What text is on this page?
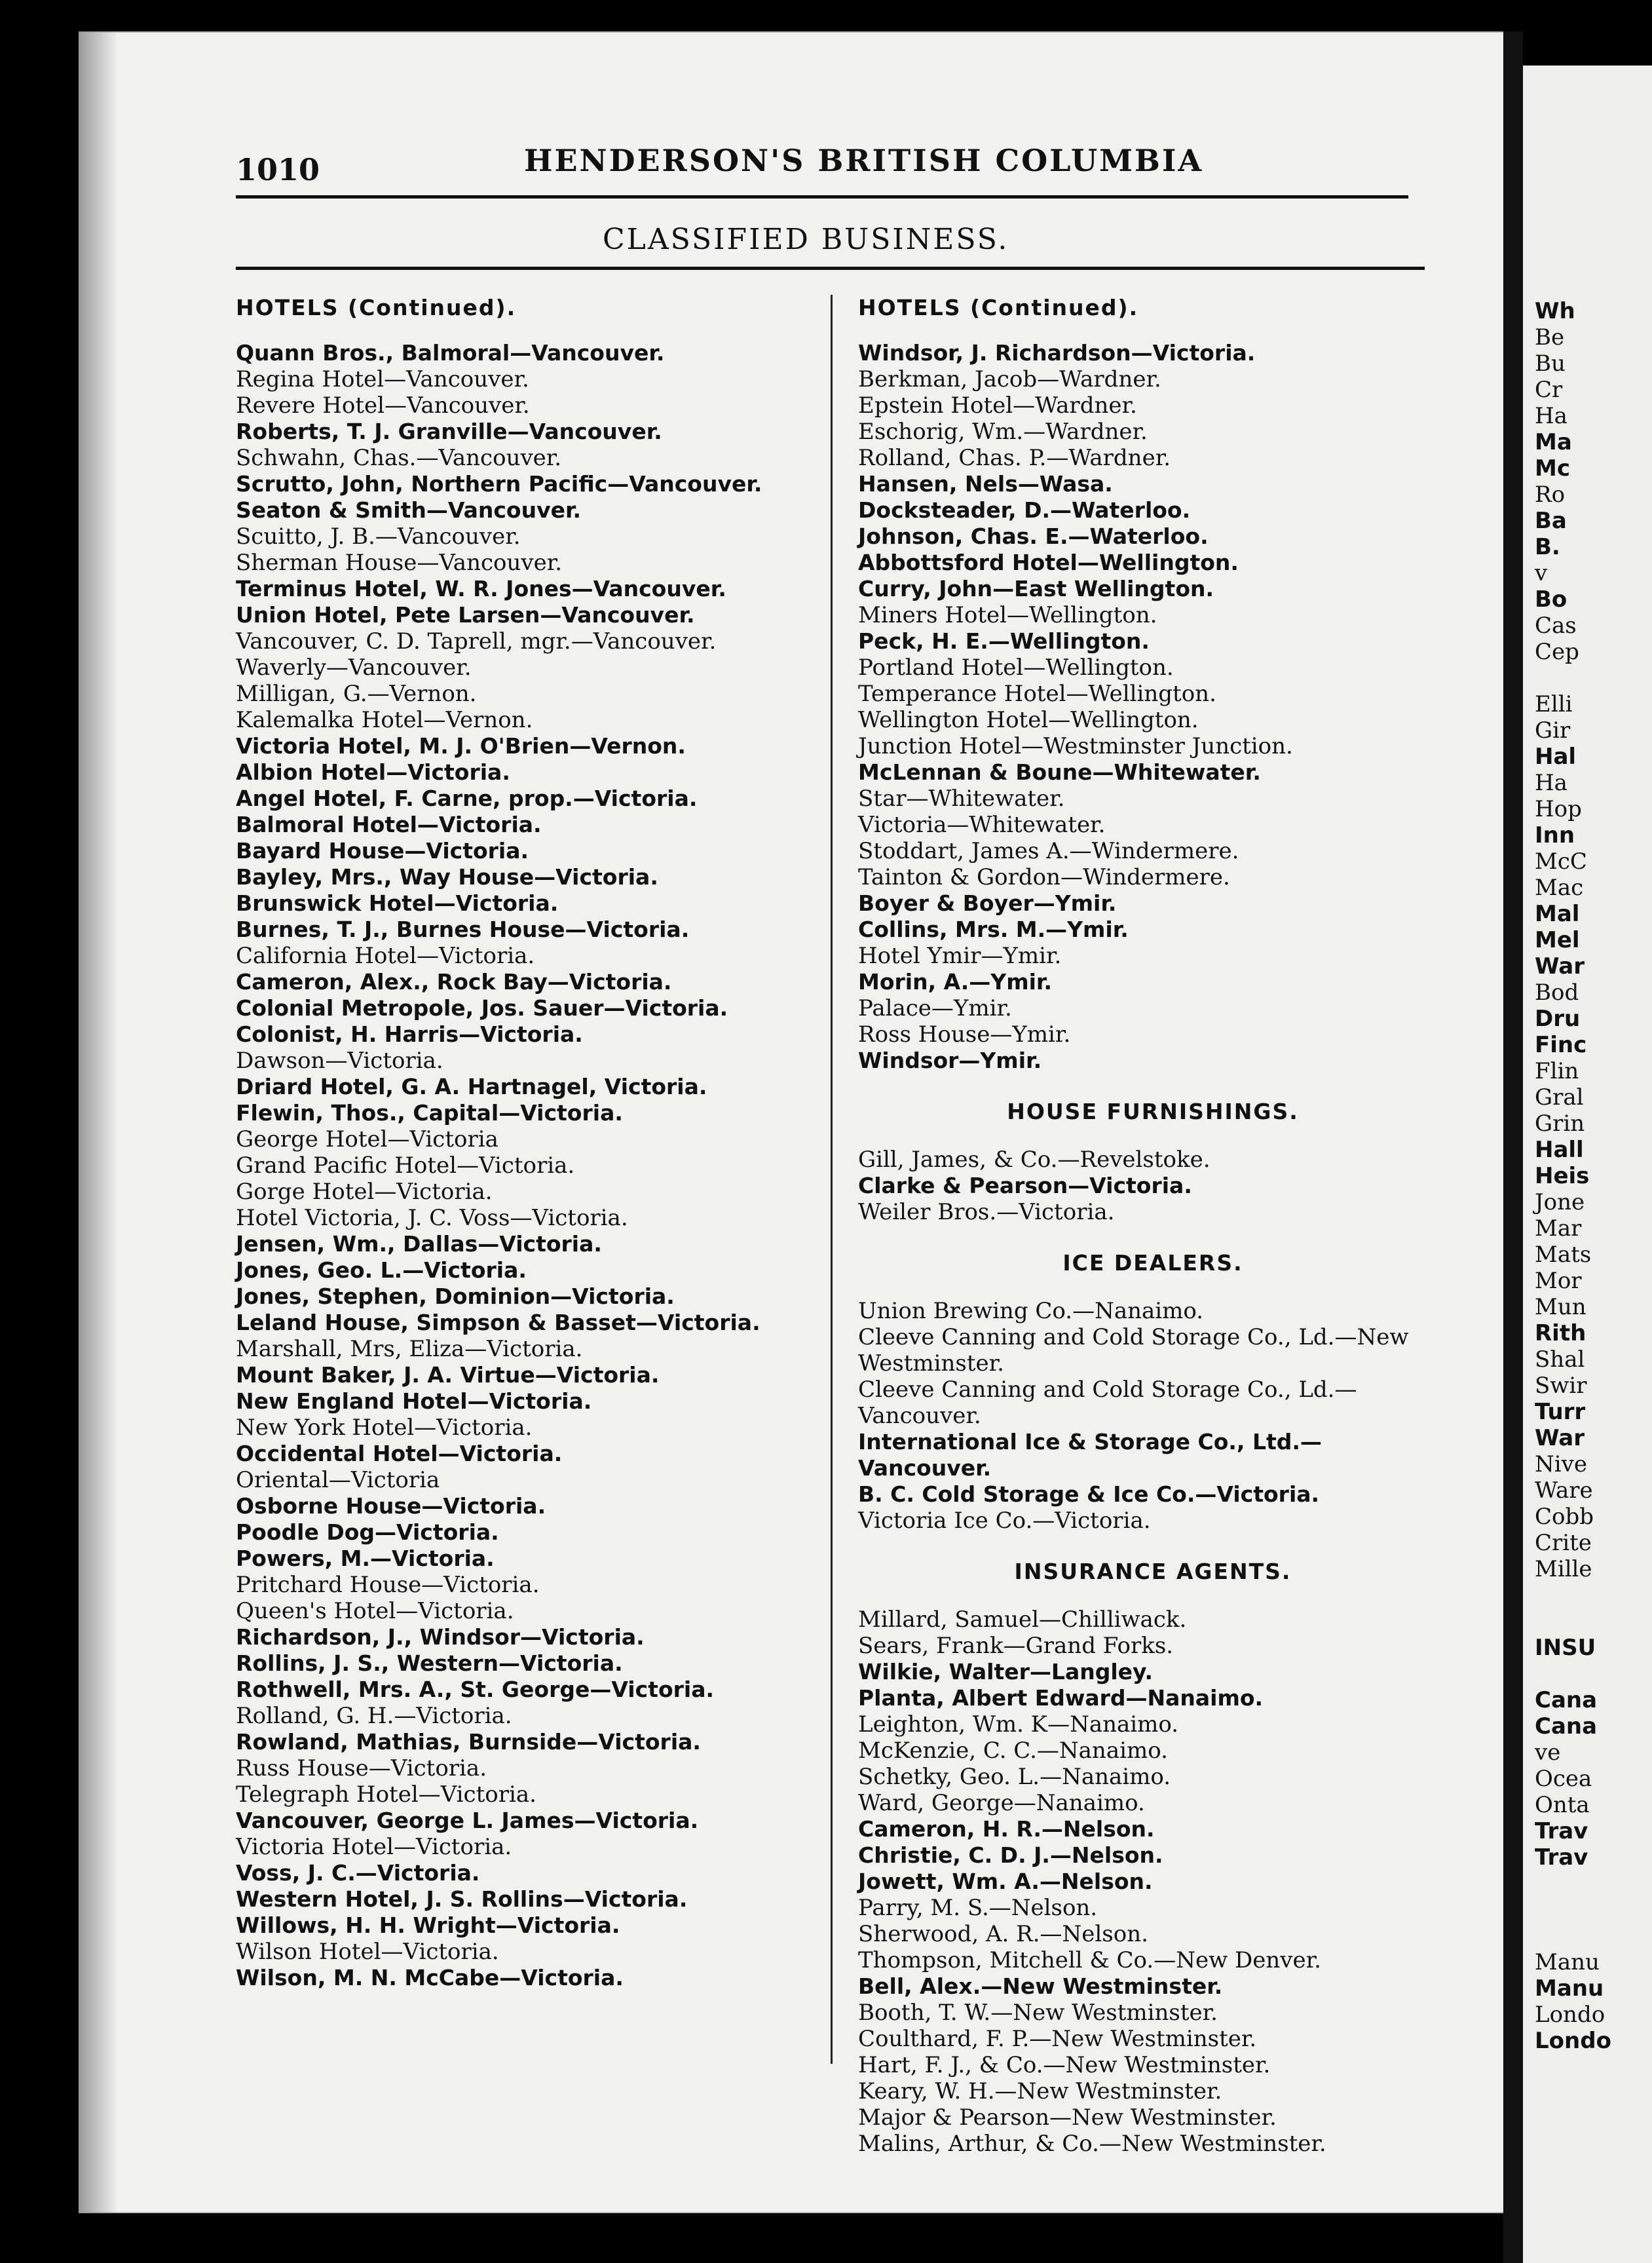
Wh
Be
Bu
Cr
Ha
Ma
Mc
Ro
Ba
B.
v
Bo
Cas
Cep

Elli
Gir
Hal
Ha
Hop
Inn
McC
Mac
Mal
Mel
War
Bod
Dru
Finc
Flin
Gral
Grin
Hall
Heis
Jone
Mar
Mats
Mor
Mun
Rith
Shal
Swir
Turr
War
Nive
Ware
Cobb
Crite
Mille

INSU

Cana
Cana
ve
Ocea
Onta
Trav
Trav

Manu
Manu
Londo
Londo
1010	HENDERSON'S BRITISH COLUMBIA
CLASSIFIED BUSINESS.
HOTELS (Continued).
Quann Bros., Balmoral—Vancouver.
Regina Hotel—Vancouver.
Revere Hotel—Vancouver.
Roberts, T. J. Granville—Vancouver.
Schwahn, Chas.—Vancouver.
Scrutto, John, Northern Pacific—Vancouver.
Seaton & Smith—Vancouver.
Scuitto, J. B.—Vancouver.
Sherman House—Vancouver.
Terminus Hotel, W. R. Jones—Vancouver.
Union Hotel, Pete Larsen—Vancouver.
Vancouver, C. D. Taprell, mgr.—Vancouver.
Waverly—Vancouver.
Milligan, G.—Vernon.
Kalemalka Hotel—Vernon.
Victoria Hotel, M. J. O'Brien—Vernon.
Albion Hotel—Victoria.
Angel Hotel, F. Carne, prop.—Victoria.
Balmoral Hotel—Victoria.
Bayard House—Victoria.
Bayley, Mrs., Way House—Victoria.
Brunswick Hotel—Victoria.
Burnes, T. J., Burnes House—Victoria.
California Hotel—Victoria.
Cameron, Alex., Rock Bay—Victoria.
Colonial Metropole, Jos. Sauer—Victoria.
Colonist, H. Harris—Victoria.
Dawson—Victoria.
Driard Hotel, G. A. Hartnagel, Victoria.
Flewin, Thos., Capital—Victoria.
George Hotel—Victoria
Grand Pacific Hotel—Victoria.
Gorge Hotel—Victoria.
Hotel Victoria, J. C. Voss—Victoria.
Jensen, Wm., Dallas—Victoria.
Jones, Geo. L.—Victoria.
Jones, Stephen, Dominion—Victoria.
Leland House, Simpson & Basset—Victoria.
Marshall, Mrs, Eliza—Victoria.
Mount Baker, J. A. Virtue—Victoria.
New England Hotel—Victoria.
New York Hotel—Victoria.
Occidental Hotel—Victoria.
Oriental—Victoria
Osborne House—Victoria.
Poodle Dog—Victoria.
Powers, M.—Victoria.
Pritchard House—Victoria.
Queen's Hotel—Victoria.
Richardson, J., Windsor—Victoria.
Rollins, J. S., Western—Victoria.
Rothwell, Mrs. A., St. George—Victoria.
Rolland, G. H.—Victoria.
Rowland, Mathias, Burnside—Victoria.
Russ House—Victoria.
Telegraph Hotel—Victoria.
Vancouver, George L. James—Victoria.
Victoria Hotel—Victoria.
Voss, J. C.—Victoria.
Western Hotel, J. S. Rollins—Victoria.
Willows, H. H. Wright—Victoria.
Wilson Hotel—Victoria.
Wilson, M. N. McCabe—Victoria.
HOTELS (Continued).
Windsor, J. Richardson—Victoria.
Berkman, Jacob—Wardner.
Epstein Hotel—Wardner.
Eschorig, Wm.—Wardner.
Rolland, Chas. P.—Wardner.
Hansen, Nels—Wasa.
Docksteader, D.—Waterloo.
Johnson, Chas. E.—Waterloo.
Abbottsford Hotel—Wellington.
Curry, John—East Wellington.
Miners Hotel—Wellington.
Peck, H. E.—Wellington.
Portland Hotel—Wellington.
Temperance Hotel—Wellington.
Wellington Hotel—Wellington.
Junction Hotel—Westminster Junction.
McLennan & Boune—Whitewater.
Star—Whitewater.
Victoria—Whitewater.
Stoddart, James A.—Windermere.
Tainton & Gordon—Windermere.
Boyer & Boyer—Ymir.
Collins, Mrs. M.—Ymir.
Hotel Ymir—Ymir.
Morin, A.—Ymir.
Palace—Ymir.
Ross House—Ymir.
Windsor—Ymir.
HOUSE FURNISHINGS.
Gill, James, & Co.—Revelstoke.
Clarke & Pearson—Victoria.
Weiler Bros.—Victoria.
ICE DEALERS.
Union Brewing Co.—Nanaimo.
Cleeve Canning and Cold Storage Co., Ld.—New Westminster.
Cleeve Canning and Cold Storage Co., Ld.—Vancouver.
International Ice & Storage Co., Ltd.—Vancouver.
B. C. Cold Storage & Ice Co.—Victoria.
Victoria Ice Co.—Victoria.
INSURANCE AGENTS.
Millard, Samuel—Chilliwack.
Sears, Frank—Grand Forks.
Wilkie, Walter—Langley.
Planta, Albert Edward—Nanaimo.
Leighton, Wm. K—Nanaimo.
McKenzie, C. C.—Nanaimo.
Schetky, Geo. L.—Nanaimo.
Ward, George—Nanaimo.
Cameron, H. R.—Nelson.
Christie, C. D. J.—Nelson.
Jowett, Wm. A.—Nelson.
Parry, M. S.—Nelson.
Sherwood, A. R.—Nelson.
Thompson, Mitchell & Co.—New Denver.
Bell, Alex.—New Westminster.
Booth, T. W.—New Westminster.
Coulthard, F. P.—New Westminster.
Hart, F. J., & Co.—New Westminster.
Keary, W. H.—New Westminster.
Major & Pearson—New Westminster.
Malins, Arthur, & Co.—New Westminster.
